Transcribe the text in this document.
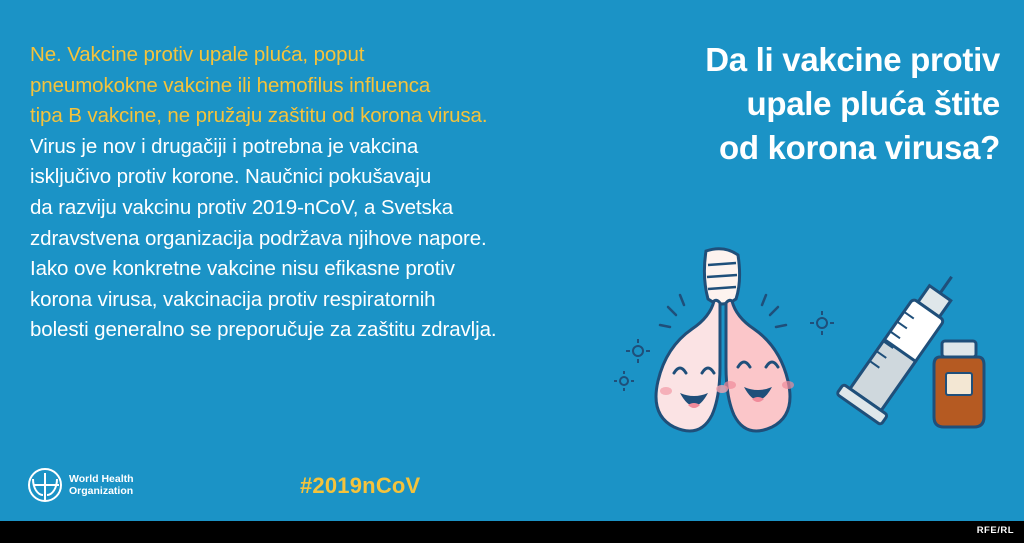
Ne. Vakcine protiv upale pluća, poput

pneumokokne vakcine ili hemofilus influenca

tipa B vakcine, ne pružaju zaštitu od korona virusa.

Virus je nov i drugačiji i potrebna je vakcina

isključivo protiv korone. Naučnici pokušavaju

da razviju vakcinu protiv 2019-nCoV, a Svetska

zdravstvena organizacija podržava njihove napore.

Iako ove konkretne vakcine nisu efikasne protiv

korona virusa, vakcinacija protiv respiratornih

bolesti generalno se preporučuje za zaštitu zdravlja.

Da li vakcine protiv
upale pluća štite
od korona virusa?
World Health
Organization	#2019nCoV
RFE/RL
